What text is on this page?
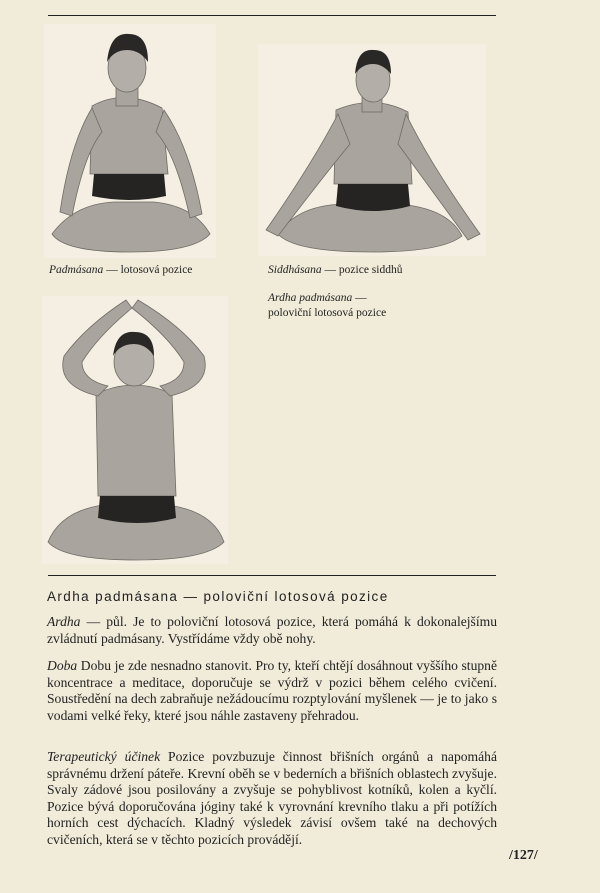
Padmásana — lotosová pozice	Siddhásana — pozice siddhů
Ardha padmásana —
poloviční lotosová pozice
Ardha padmásana — poloviční lotosová pozice
Ardha — půl. Je to poloviční lotosová pozice, která pomáhá k dokonalejšímu zvládnutí padmásany. Vystřídáme vždy obě nohy.
Doba Dobu je zde nesnadno stanovit. Pro ty, kteří chtějí dosáhnout vyššího stupně koncentrace a meditace, doporučuje se výdrž v pozici během celého cvičení. Soustředění na dech zabraňuje nežádoucímu rozptylování myšlenek — je to jako s vodami velké řeky, které jsou náhle zastaveny přehradou.
Terapeutický účinek Pozice povzbuzuje činnost břišních orgánů a napomáhá správnému držení páteře. Krevní oběh se v bederních a břišních oblastech zvyšuje. Svaly zádové jsou posilovány a zvyšuje se pohyblivost kotníků, kolen a kyčlí. Pozice bývá doporučována jóginy také k vyrovnání krevního tlaku a při potížích horních cest dýchacích. Kladný výsledek závisí ovšem také na dechových cvičeních, která se v těchto pozicích provádějí.
/127/
